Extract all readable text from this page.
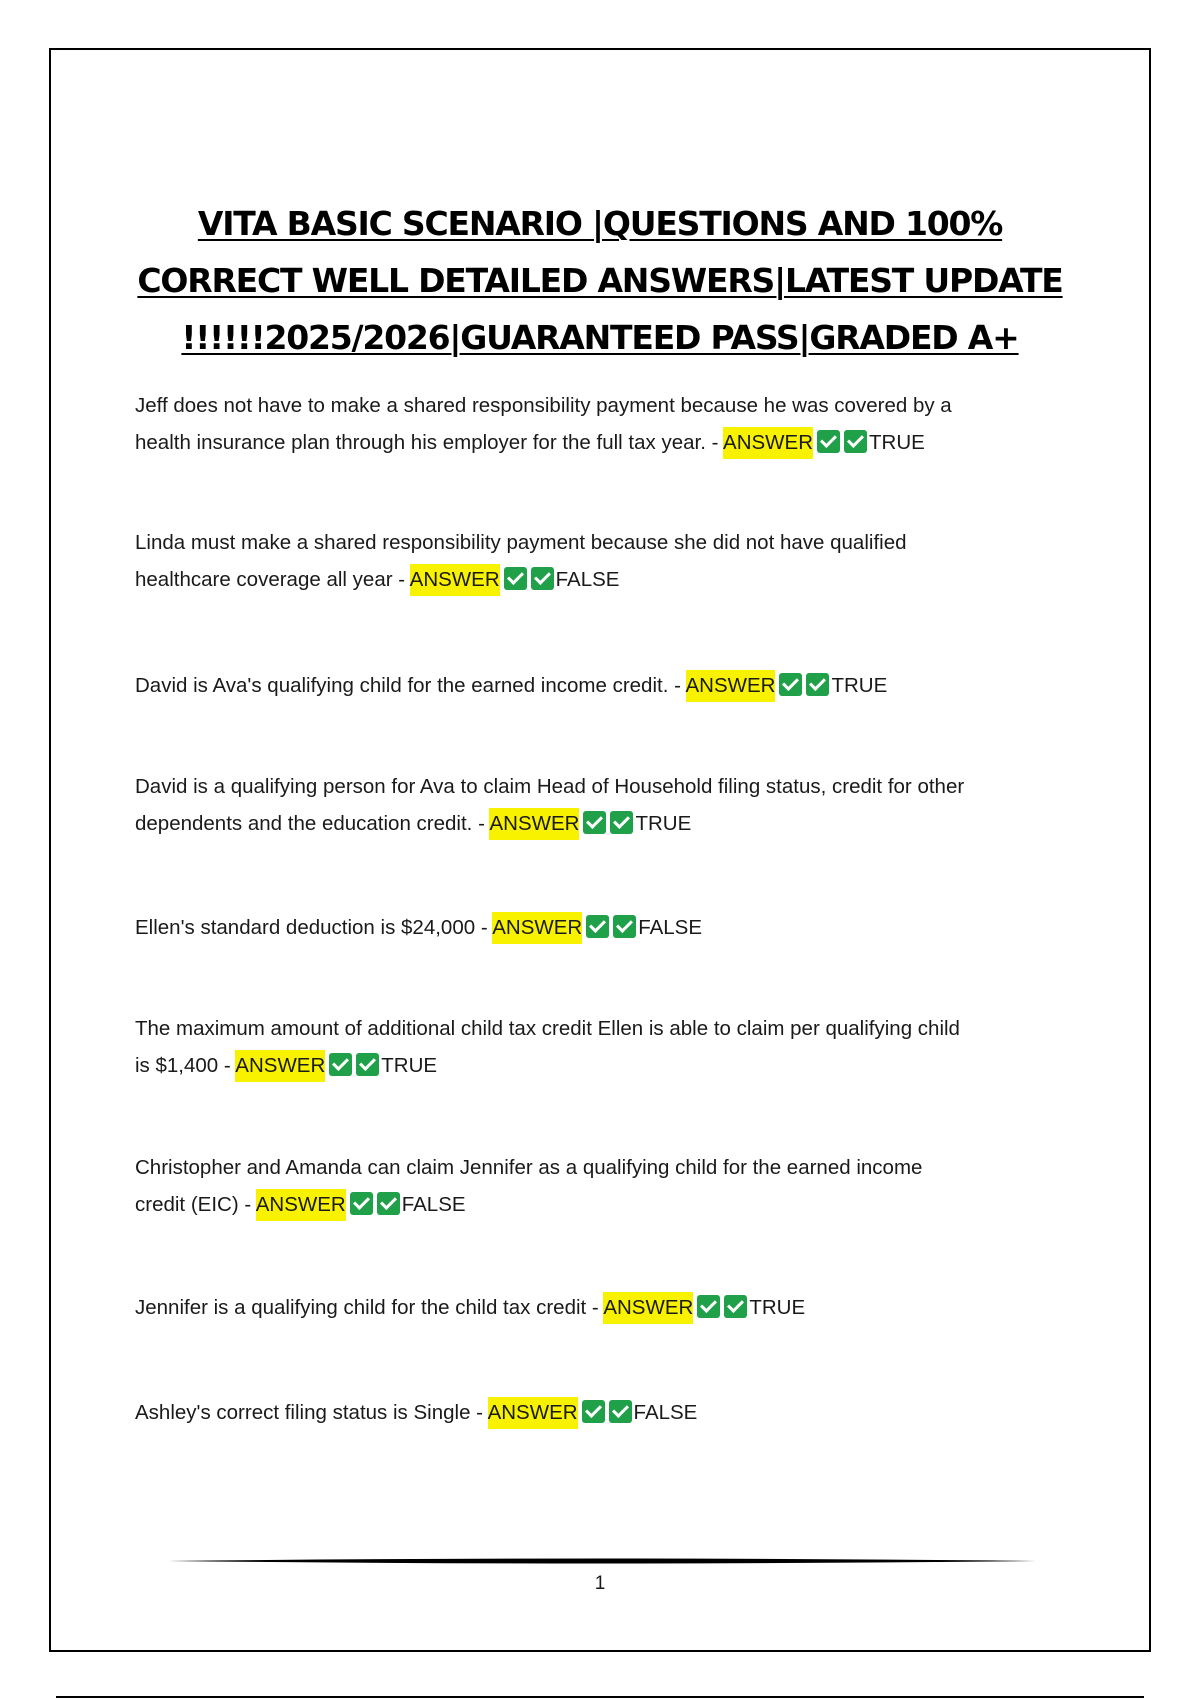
VITA BASIC SCENARIO |QUESTIONS AND 100%
CORRECT WELL DETAILED ANSWERS|LATEST UPDATE
!!!!!!2025/2026|GUARANTEED PASS|GRADED A+
Jeff does not have to make a shared responsibility payment because he was covered by a
health insurance plan through his employer for the full tax year. - ANSWER	TRUE
Linda must make a shared responsibility payment because she did not have qualified
healthcare coverage all year - ANSWER	FALSE
David is Ava's qualifying child for the earned income credit. - ANSWER	TRUE
David is a qualifying person for Ava to claim Head of Household filing status, credit for other
dependents and the education credit. - ANSWER	TRUE
Ellen's standard deduction is $24,000 - ANSWER	FALSE
The maximum amount of additional child tax credit Ellen is able to claim per qualifying child
is $1,400 - ANSWER	TRUE
Christopher and Amanda can claim Jennifer as a qualifying child for the earned income
credit (EIC) - ANSWER	FALSE
Jennifer is a qualifying child for the child tax credit - ANSWER	TRUE
Ashley's correct filing status is Single - ANSWER	FALSE
1
